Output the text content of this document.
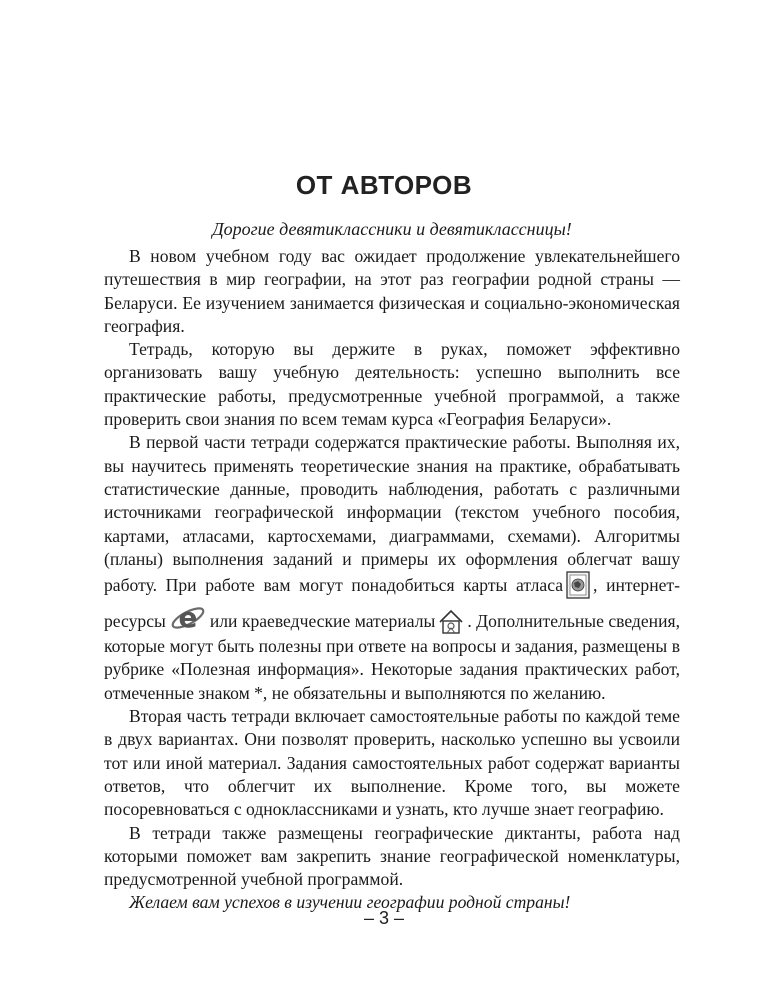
ОТ АВТОРОВ
Дорогие девятиклассники и девятиклассницы!

В новом учебном году вас ожидает продолжение увлекательнейшего путешествия в мир географии, на этот раз географии родной страны — Беларуси. Ее изучением занимается физическая и социально-экономическая география.

Тетрадь, которую вы держите в руках, поможет эффективно организовать вашу учебную деятельность: успешно выполнить все практические работы, предусмотренные учебной программой, а также проверить свои знания по всем темам курса «География Беларуси».

В первой части тетради содержатся практические работы. Выполняя их, вы научитесь применять теоретические знания на практике, обрабатывать статистические данные, проводить наблюдения, работать с различными источниками географической информации (текстом учебного пособия, картами, атласами, картосхемами, диаграммами, схемами). Алгоритмы (планы) выполнения заданий и примеры их оформления облегчат вашу работу. При работе вам могут понадобиться карты атласа , интернет-ресурсы e или краеведческие материалы . Дополнительные сведения, которые могут быть полезны при ответе на вопросы и задания, размещены в рубрике «Полезная информация». Некоторые задания практических работ, отмеченные знаком *, не обязательны и выполняются по желанию.

Вторая часть тетради включает самостоятельные работы по каждой теме в двух вариантах. Они позволят проверить, насколько успешно вы усвоили тот или иной материал. Задания самостоятельных работ содержат варианты ответов, что облегчит их выполнение. Кроме того, вы можете посоревноваться с одноклассниками и узнать, кто лучше знает географию.

В тетради также размещены географические диктанты, работа над которыми поможет вам закрепить знание географической номенклатуры, предусмотренной учебной программой.

Желаем вам успехов в изучении географии родной страны!

– 3 –
